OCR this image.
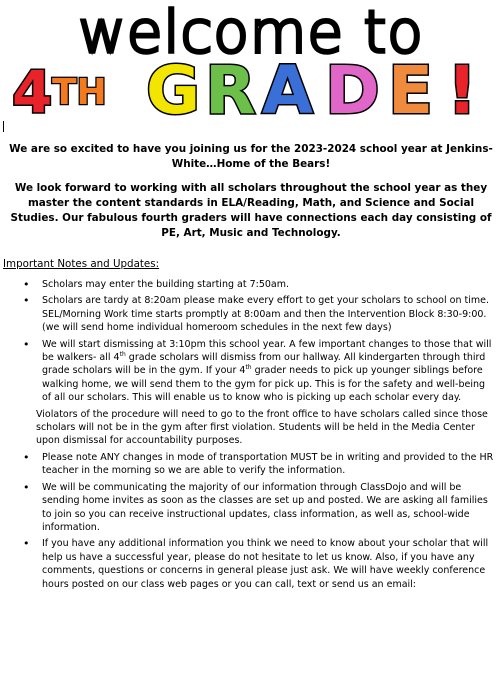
welcome to
4 TH G R A D E !

We are so excited to have you joining us for the 2023-2024 school year at Jenkins-White…Home of the Bears!

We look forward to working with all scholars throughout the school year as they master the content standards in ELA/Reading, Math, and Science and Social Studies. Our fabulous fourth graders will have connections each day consisting of PE, Art, Music and Technology.

Important Notes and Updates:
• Scholars may enter the building starting at 7:50am.
• Scholars are tardy at 8:20am please make every effort to get your scholars to school on time. SEL/Morning Work time starts promptly at 8:00am and then the Intervention Block 8:30-9:00. (we will send home individual homeroom schedules in the next few days)
• We will start dismissing at 3:10pm this school year. A few important changes to those that will be walkers- all 4th grade scholars will dismiss from our hallway. All kindergarten through third grade scholars will be in the gym. If your 4th grader needs to pick up younger siblings before walking home, we will send them to the gym for pick up. This is for the safety and well-being of all our scholars. This will enable us to know who is picking up each scholar every day.
Violators of the procedure will need to go to the front office to have scholars called since those scholars will not be in the gym after first violation. Students will be held in the Media Center upon dismissal for accountability purposes.
• Please note ANY changes in mode of transportation MUST be in writing and provided to the HR teacher in the morning so we are able to verify the information.
• We will be communicating the majority of our information through ClassDojo and will be sending home invites as soon as the classes are set up and posted. We are asking all families to join so you can receive instructional updates, class information, as well as, school-wide information.
• If you have any additional information you think we need to know about your scholar that will help us have a successful year, please do not hesitate to let us know. Also, if you have any comments, questions or concerns in general please just ask. We will have weekly conference hours posted on our class web pages or you can call, text or send us an email:
